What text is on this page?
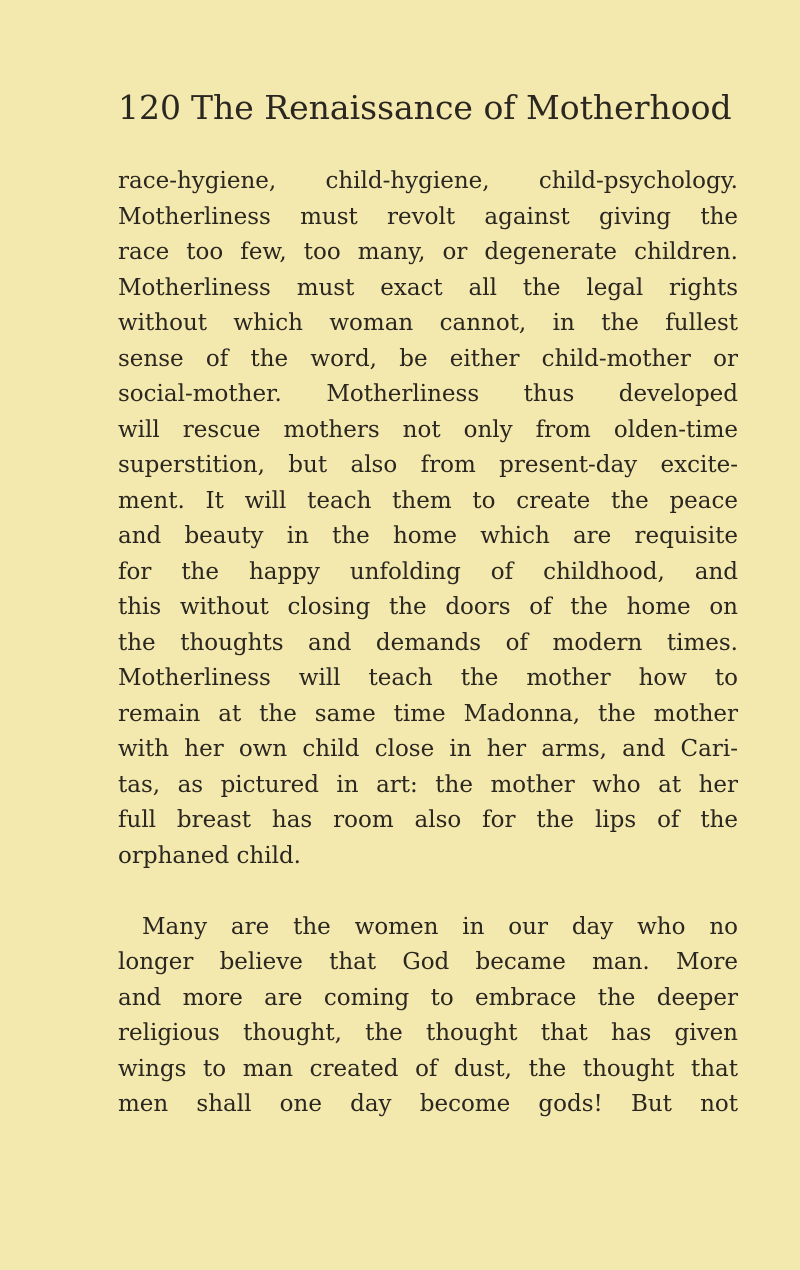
120 The Renaissance of Motherhood
race-hygiene, child-hygiene, child-psychology.
Motherliness must revolt against giving the
race too few, too many, or degenerate children.
Motherliness must exact all the legal rights
without which woman cannot, in the fullest
sense of the word, be either child-mother or
social-mother. Motherliness thus developed
will rescue mothers not only from olden-time
superstition, but also from present-day excite-
ment. It will teach them to create the peace
and beauty in the home which are requisite
for the happy unfolding of childhood, and
this without closing the doors of the home on
the thoughts and demands of modern times.
Motherliness will teach the mother how to
remain at the same time Madonna, the mother
with her own child close in her arms, and Cari-
tas, as pictured in art: the mother who at her
full breast has room also for the lips of the
orphaned child.
Many are the women in our day who no
longer believe that God became man. More
and more are coming to embrace the deeper
religious thought, the thought that has given
wings to man created of dust, the thought that
men shall one day become gods! But not
